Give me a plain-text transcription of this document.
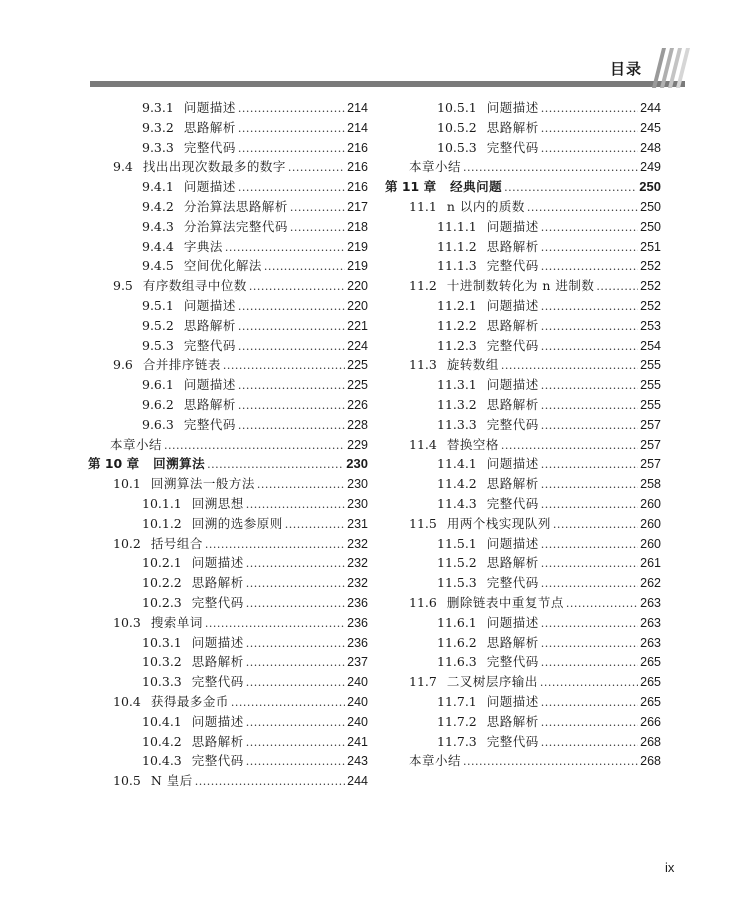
目录
9.3.1 问题描述 .....	214
9.3.2 思路解析 .....	214
9.3.3 完整代码 .....	216
9.4 找出出现次数最多的数字 .....	216
9.4.1 问题描述 .....	216
9.4.2 分治算法思路解析 .....	217
9.4.3 分治算法完整代码 .....	218
9.4.4 字典法 .....	219
9.4.5 空间优化解法 .....	219
9.5 有序数组寻中位数 .....	220
9.5.1 问题描述 .....	220
9.5.2 思路解析 .....	221
9.5.3 完整代码 .....	224
9.6 合并排序链表 .....	225
9.6.1 问题描述 .....	225
9.6.2 思路解析 .....	226
9.6.3 完整代码 .....	228
本章小结 .....	229
第 10 章 回溯算法 .....	230
10.1 回溯算法一般方法 .....	230
10.1.1 回溯思想 .....	230
10.1.2 回溯的选参原则 .....	231
10.2 括号组合 .....	232
10.2.1 问题描述 .....	232
10.2.2 思路解析 .....	232
10.2.3 完整代码 .....	236
10.3 搜索单词 .....	236
10.3.1 问题描述 .....	236
10.3.2 思路解析 .....	237
10.3.3 完整代码 .....	240
10.4 获得最多金币 .....	240
10.4.1 问题描述 .....	240
10.4.2 思路解析 .....	241
10.4.3 完整代码 .....	243
10.5 N 皇后 .....	244
10.5.1 问题描述 .....	244
10.5.2 思路解析 .....	245
10.5.3 完整代码 .....	248
本章小结 .....	249
第 11 章 经典问题 .....	250
11.1 n 以内的质数 .....	250
11.1.1 问题描述 .....	250
11.1.2 思路解析 .....	251
11.1.3 完整代码 .....	252
11.2 十进制数转化为 n 进制数 .....	252
11.2.1 问题描述 .....	252
11.2.2 思路解析 .....	253
11.2.3 完整代码 .....	254
11.3 旋转数组 .....	255
11.3.1 问题描述 .....	255
11.3.2 思路解析 .....	255
11.3.3 完整代码 .....	257
11.4 替换空格 .....	257
11.4.1 问题描述 .....	257
11.4.2 思路解析 .....	258
11.4.3 完整代码 .....	260
11.5 用两个栈实现队列 .....	260
11.5.1 问题描述 .....	260
11.5.2 思路解析 .....	261
11.5.3 完整代码 .....	262
11.6 删除链表中重复节点 .....	263
11.6.1 问题描述 .....	263
11.6.2 思路解析 .....	263
11.6.3 完整代码 .....	265
11.7 二叉树层序输出 .....	265
11.7.1 问题描述 .....	265
11.7.2 思路解析 .....	266
11.7.3 完整代码 .....	268
本章小结 .....	268
ix
